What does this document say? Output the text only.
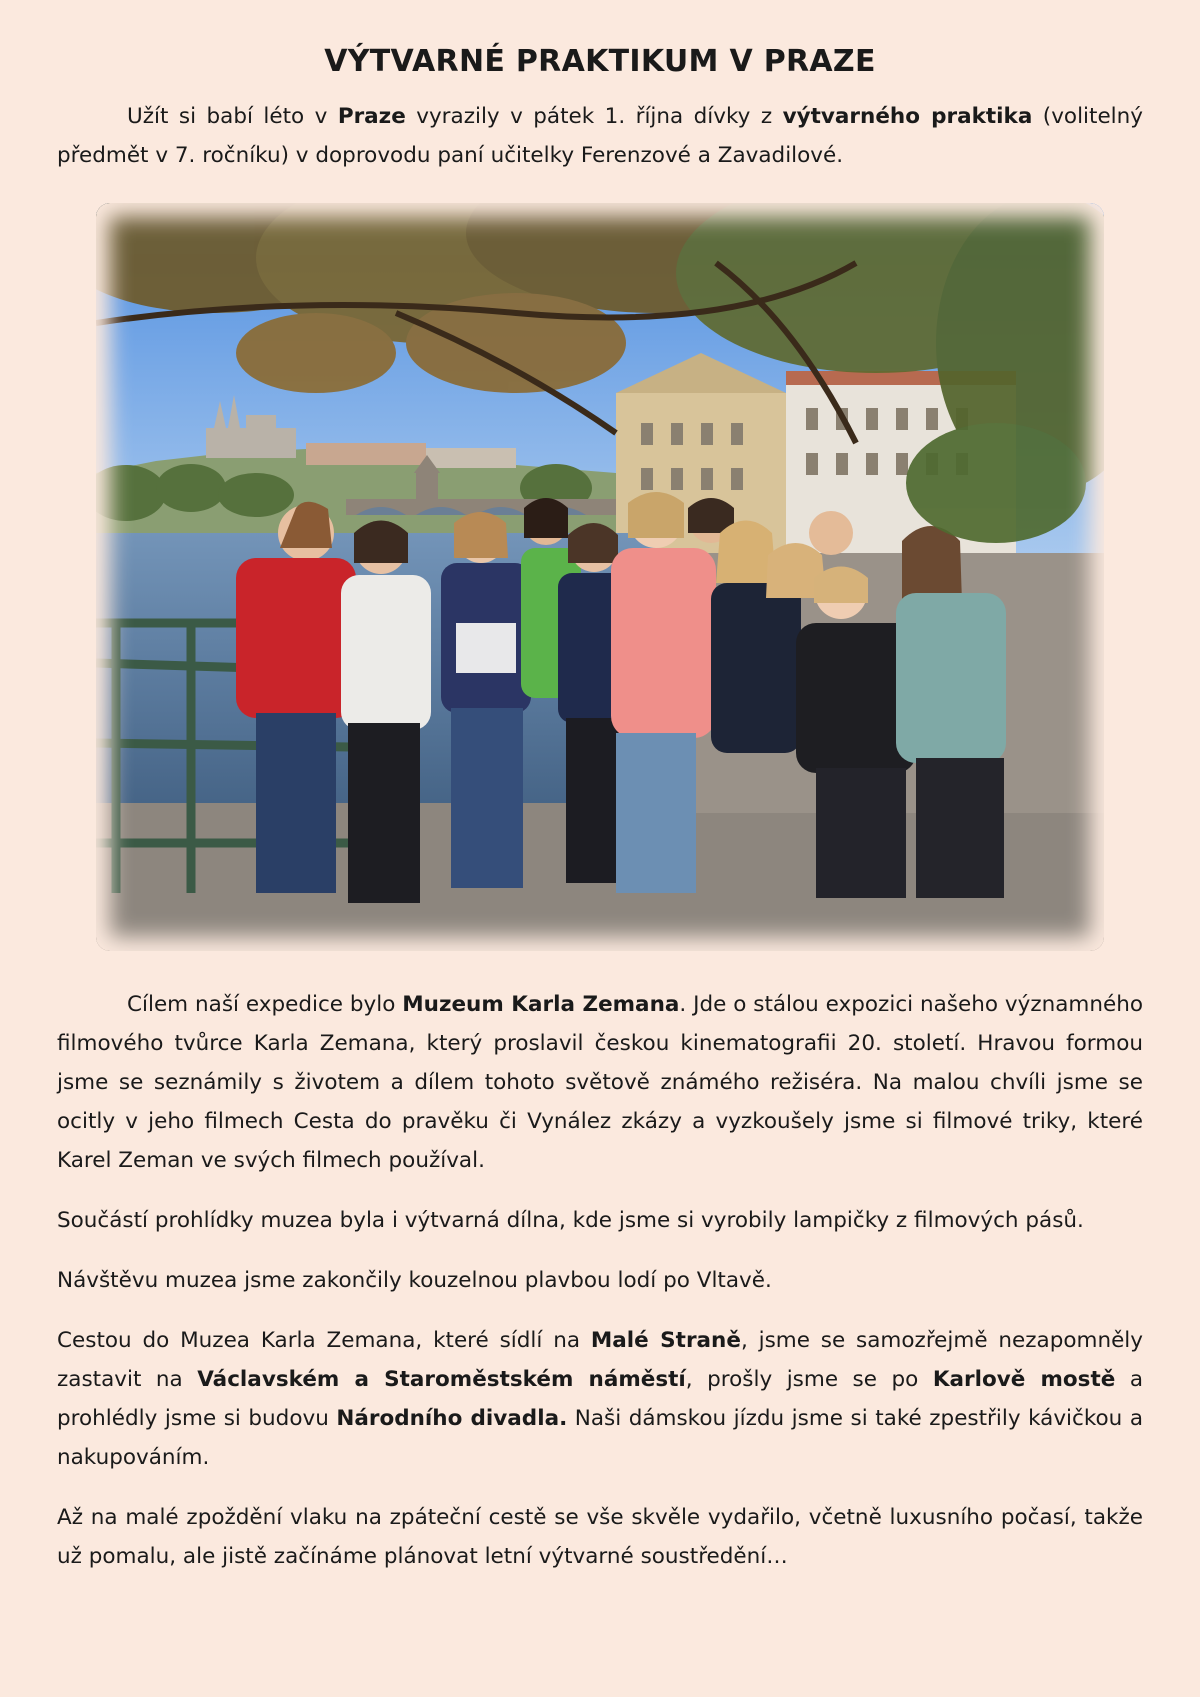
VÝTVARNÉ PRAKTIKUM V PRAZE

Užít si babí léto v Praze vyrazily v pátek 1. října dívky z výtvarného praktika (volitelný předmět v 7. ročníku) v doprovodu paní učitelky Ferenzové a Zavadilové.

Cílem naší expedice bylo Muzeum Karla Zemana. Jde o stálou expozici našeho významného filmového tvůrce Karla Zemana, který proslavil českou kinematografii 20. století. Hravou formou jsme se seznámily s životem a dílem tohoto světově známého režiséra. Na malou chvíli jsme se ocitly v jeho filmech Cesta do pravěku či Vynález zkázy a vyzkoušely jsme si filmové triky, které Karel Zeman ve svých filmech používal.

Součástí prohlídky muzea byla i výtvarná dílna, kde jsme si vyrobily lampičky z filmových pásů.

Návštěvu muzea jsme zakončily kouzelnou plavbou lodí po Vltavě.

Cestou do Muzea Karla Zemana, které sídlí na Malé Straně, jsme se samozřejmě nezapomněly zastavit na Václavském a Staroměstském náměstí, prošly jsme se po Karlově mostě a prohlédly jsme si budovu Národního divadla. Naši dámskou jízdu jsme si také zpestřily kávičkou a nakupováním.

Až na malé zpoždění vlaku na zpáteční cestě se vše skvěle vydařilo, včetně luxusního počasí, takže už pomalu, ale jistě začínáme plánovat letní výtvarné soustředění…
